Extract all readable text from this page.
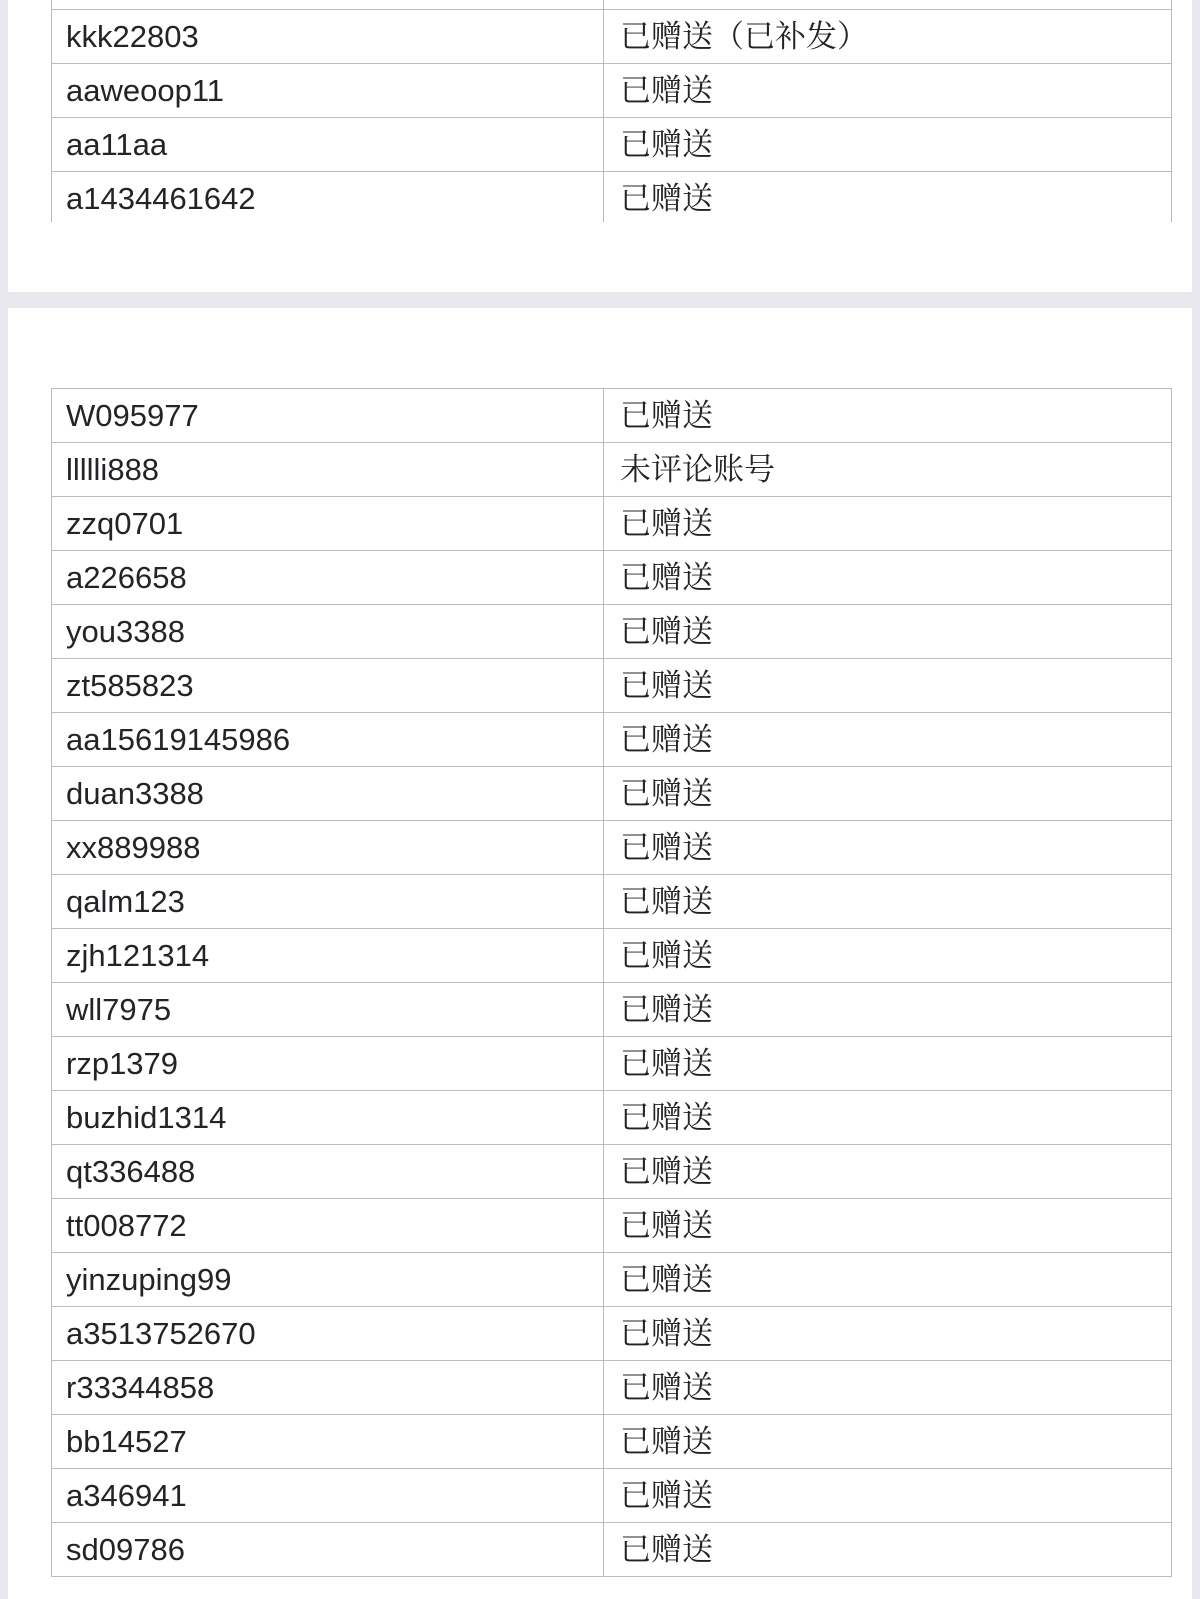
kkk22803	已赠送（已补发）
aaweoop11	已赠送
aa11aa	已赠送
a1434461642	已赠送
W095977	已赠送
llllli888	未评论账号
zzq0701	已赠送
a226658	已赠送
you3388	已赠送
zt585823	已赠送
aa15619145986	已赠送
duan3388	已赠送
xx889988	已赠送
qalm123	已赠送
zjh121314	已赠送
wll7975	已赠送
rzp1379	已赠送
buzhid1314	已赠送
qt336488	已赠送
tt008772	已赠送
yinzuping99	已赠送
a3513752670	已赠送
r33344858	已赠送
bb14527	已赠送
a346941	已赠送
sd09786	已赠送
